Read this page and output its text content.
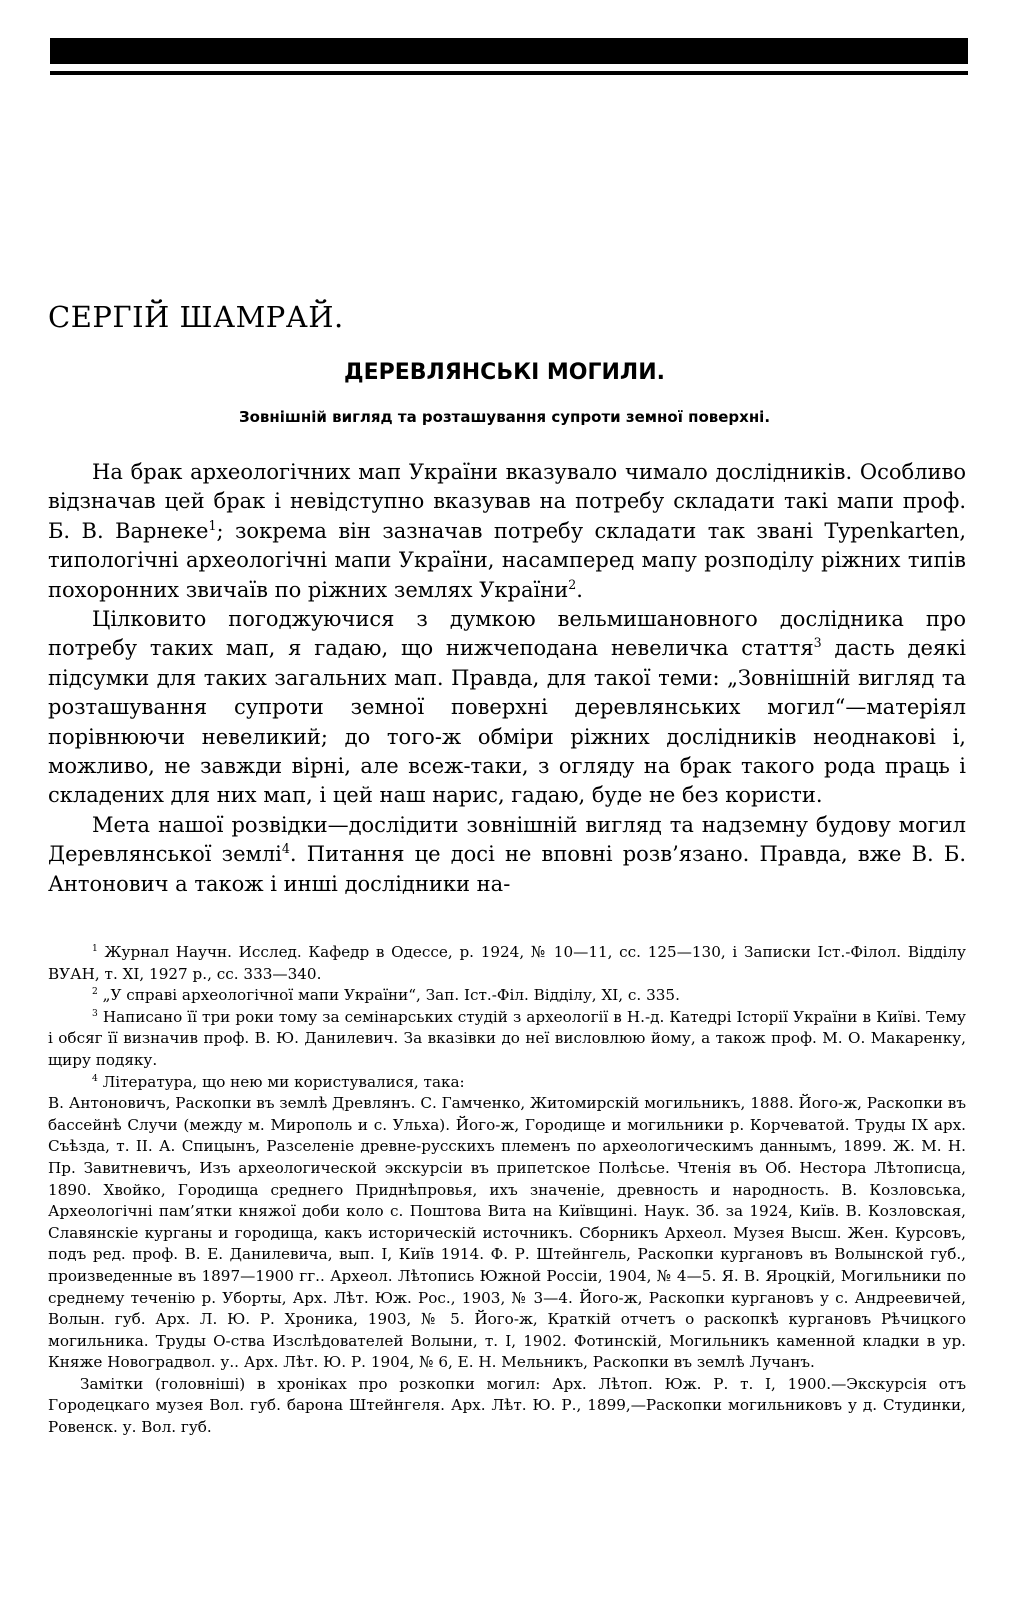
СЕРГІЙ ШАМРАЙ.
ДЕРЕВЛЯНСЬКІ МОГИЛИ.
Зовнішній вигляд та розташування супроти земної поверхні.

На брак археологічних мап України вказувало чимало дослідників. Особливо відзначав цей брак і невідступно вказував на потребу складати такі мапи проф. Б. В. Варнеке$^1$; зокрема він зазначав потребу складати так звані Typenkarten, типологічні археологічні мапи України, насамперед мапу розподілу ріжних типів похоронних звичаїв по ріжних землях України$^2$.

Цілковито погоджуючися з думкою вельмишановного дослідника про потребу таких мап, я гадаю, що нижчеподана невеличка стаття$^3$ дасть деякі підсумки для таких загальних мап. Правда, для такої теми: „Зовнішній вигляд та розташування супроти земної поверхні деревлянських могил“—матеріял порівнюючи невеликий; до того-ж обміри ріжних дослідників неоднакові і, можливо, не завжди вірні, але всеж-таки, з огляду на брак такого рода праць і складених для них мап, і цей наш нарис, гадаю, буде не без користи.

Мета нашої розвідки—дослідити зовнішній вигляд та надземну будову могил Деревлянської землі$^4$. Питання це досі не вповні розв’язано. Правда, вже В. Б. Антонович а також і инші дослідники на-

$^1$ Журнал Научн. Исслед. Кафедр в Одессе, р. 1924, № 10—11, сс. 125—130, і Записки Іст.-Філол. Відділу ВУАН, т. XI, 1927 р., сс. 333—340.

$^2$ „У справі археологічної мапи України“, Зап. Іст.-Філ. Відділу, XI, с. 335.

$^3$ Написано її три роки тому за семінарських студій з археології в Н.-д. Катедрі Історії України в Київі. Тему і обсяг її визначив проф. В. Ю. Данилевич. За вказівки до неї висловлюю йому, а також проф. М. О. Макаренку, щиру подяку.

$^4$ Література, що нею ми користувалися, така:

В. Антоновичъ, Раскопки въ землѣ Древлянъ. С. Гамченко, Житомирскій могильникъ, 1888. Його-ж, Раскопки въ бассейнѣ Случи (между м. Мирополь и с. Ульха). Його-ж, Городище и могильники р. Корчеватой. Труды IX арх. Съѣзда, т. II. А. Спицынъ, Разселеніе древне-русскихъ племенъ по археологическимъ даннымъ, 1899. Ж. М. Н. Пр. Завитневичъ, Изъ археологической экскурсіи въ припетское Полѣсье. Чтенія въ Об. Нестора Лѣтописца, 1890. Хвойко, Городища среднего Приднѣпровья, ихъ значеніе, древность и народность. В. Козловська, Археологічні пам’ятки княжої доби коло с. Поштова Вита на Київщині. Наук. Зб. за 1924, Київ. В. Козловская, Славянскіе курганы и городища, какъ историческій источникъ. Сборникъ Археол. Музея Высш. Жен. Курсовъ, подъ ред. проф. В. Е. Данилевича, вып. I, Київ 1914. Ф. Р. Штейнгель, Раскопки кургановъ въ Волынской губ., произведенные въ 1897—1900 гг.. Археол. Лѣтопись Южной Россіи, 1904, № 4—5. Я. В. Яроцкій, Могильники по среднему теченію р. Уборты, Арх. Лѣт. Юж. Рос., 1903, № 3—4. Його-ж, Раскопки кургановъ у с. Андреевичей, Волын. губ. Арх. Л. Ю. Р. Хроника, 1903, № 5. Його-ж, Краткій отчетъ о раскопкѣ кургановъ Рѣчицкого могильника. Труды О-ства Изслѣдователей Волыни, т. I, 1902. Фотинскій, Могильникъ каменной кладки в ур. Княже Новоградвол. у.. Арх. Лѣт. Ю. Р. 1904, № 6, Е. Н. Мельникъ, Раскопки въ землѣ Лучанъ.

Замітки (головніші) в хроніках про розкопки могил: Арх. Лѣтоп. Юж. Р. т. I, 1900.—Экскурсія отъ Городецкаго музея Вол. губ. барона Штейнгеля. Арх. Лѣт. Ю. Р., 1899,—Раскопки могильниковъ у д. Студинки, Ровенск. у. Вол. губ.
